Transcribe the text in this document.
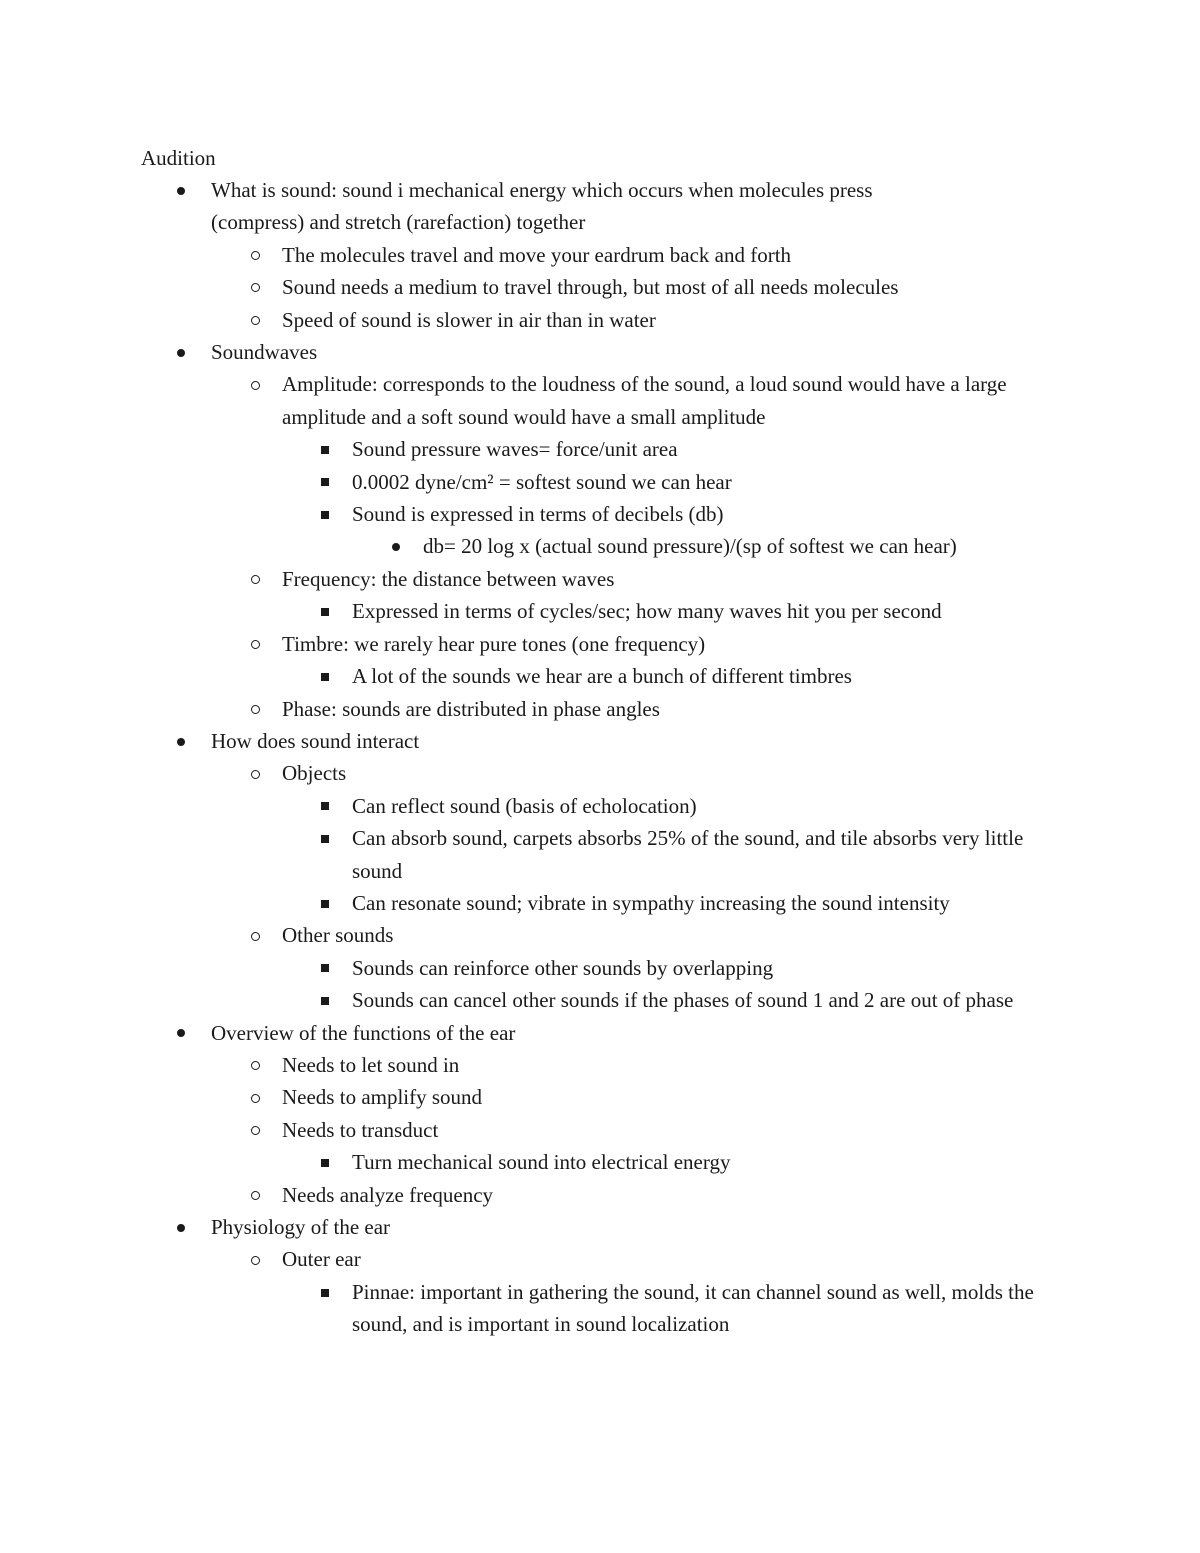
Audition
What is sound: sound i mechanical energy which occurs when molecules press (compress) and stretch (rarefaction) together
The molecules travel and move your eardrum back and forth
Sound needs a medium to travel through, but most of all needs molecules
Speed of sound is slower in air than in water
Soundwaves
Amplitude: corresponds to the loudness of the sound, a loud sound would have a large amplitude and a soft sound would have a small amplitude
Sound pressure waves= force/unit area
0.0002 dyne/cm² = softest sound we can hear
Sound is expressed in terms of decibels (db)
db= 20 log x (actual sound pressure)/(sp of softest we can hear)
Frequency: the distance between waves
Expressed in terms of cycles/sec; how many waves hit you per second
Timbre: we rarely hear pure tones (one frequency)
A lot of the sounds we hear are a bunch of different timbres
Phase: sounds are distributed in phase angles
How does sound interact
Objects
Can reflect sound (basis of echolocation)
Can absorb sound, carpets absorbs 25% of the sound, and tile absorbs very little sound
Can resonate sound; vibrate in sympathy increasing the sound intensity
Other sounds
Sounds can reinforce other sounds by overlapping
Sounds can cancel other sounds if the phases of sound 1 and 2 are out of phase
Overview of the functions of the ear
Needs to let sound in
Needs to amplify sound
Needs to transduct
Turn mechanical sound into electrical energy
Needs analyze frequency
Physiology of the ear
Outer ear
Pinnae: important in gathering the sound, it can channel sound as well, molds the sound, and is important in sound localization
